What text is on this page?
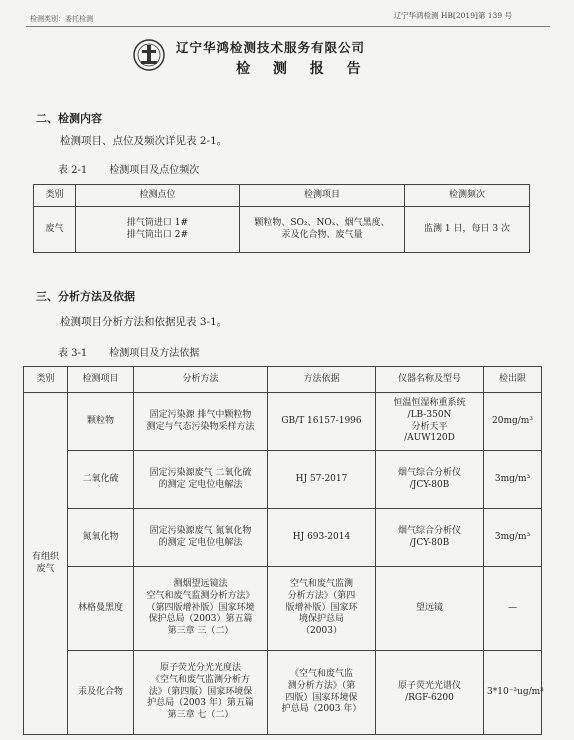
检测类别：委托检测	辽宁华鸿检测 HB[2019]第 139 号
辽宁华鸿检测技术服务有限公司
检 测 报 告
二、检测内容
检测项目、点位及频次详见表 2-1。
表 2-1 检测项目及点位频次
类别	检测点位	检测项目	检测频次
废气	排气筒进口 1#
排气筒出口 2#	颗粒物、SO₂、NOₓ、烟气黑度、
汞及化合物、废气量	监测 1 日，每日 3 次
三、分析方法及依据
检测项目分析方法和依据见表 3-1。
表 3-1 检测项目及方法依据
类别	检测项目	分析方法	方法依据	仪器名称及型号	检出限
有组织
废气	颗粒物	固定污染源 排气中颗粒物
测定与气态污染物采样方法	GB/T 16157-1996	恒温恒湿称重系统
/LB-350N
分析天平
/AUW120D	20mg/m³
	二氧化硫	固定污染源废气 二氧化硫
的测定 定电位电解法	HJ 57-2017	烟气综合分析仪
/JCY-80B	3mg/m³
	氮氧化物	固定污染源废气 氮氧化物
的测定 定电位电解法	HJ 693-2014	烟气综合分析仪
/JCY-80B	3mg/m³
	林格曼黑度	测烟望远镜法
空气和废气监测分析方法》
（第四版增补版）国家环境
保护总局（2003）第五篇
第三章 三（二）	空气和废气监测
分析方法》（第四
版增补版）国家环
境保护总局
（2003）	望远镜	—
	汞及化合物	原子荧光分光光度法
《空气和废气监测分析方
法》（第四版）国家环境保
护总局（2003 年）第五篇
第三章 七（二）	《空气和废气监
测分析方法》（第
四版）国家环境保
护总局（2003 年）	原子荧光光谱仪
/RGF-6200	3*10⁻³ug/m³
